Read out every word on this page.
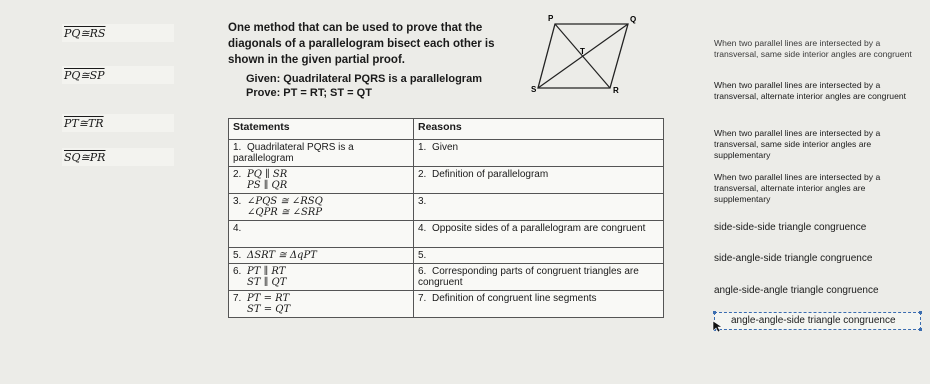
PQ≅RS
PQ≅SP
PT≅TR
SQ≅PR
One method that can be used to prove that the diagonals of a parallelogram bisect each other is shown in the given partial proof.
Given: Quadrilateral PQRS is a parallelogram
Prove: PT = RT; ST = QT
P	Q
T
S	R
Statements	Reasons
1. Quadrilateral PQRS is a parallelogram	1. Given
2. PQ ∥ SR
PS ∥ QR	2. Definition of parallelogram
3. ∠PQS ≅ ∠RSQ
∠QPR ≅ ∠SRP	3.
4.	4. Opposite sides of a parallelogram are congruent
5. ΔSRT ≅ ΔqPT	5.
6. PT ∥ RT
ST ∥ QT	6. Corresponding parts of congruent triangles are congruent
7. PT = RT
ST = QT	7. Definition of congruent line segments
When two parallel lines are intersected by a transversal, same side interior angles are congruent
When two parallel lines are intersected by a transversal, alternate interior angles are congruent
When two parallel lines are intersected by a transversal, same side interior angles are supplementary
When two parallel lines are intersected by a transversal, alternate interior angles are supplementary
side-side-side triangle congruence
side-angle-side triangle congruence
angle-side-angle triangle congruence
angle-angle-side triangle congruence
